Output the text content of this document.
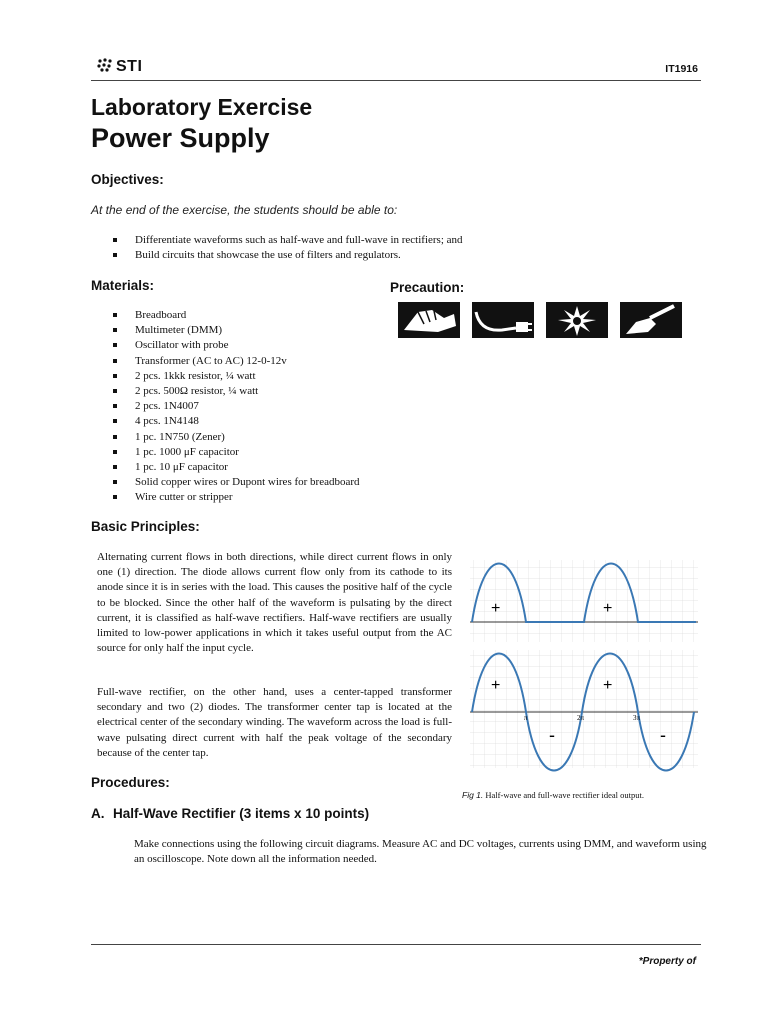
STI	IT1916
Laboratory Exercise
Power Supply
Objectives:
At the end of the exercise, the students should be able to:
Differentiate waveforms such as half-wave and full-wave in rectifiers; and
Build circuits that showcase the use of filters and regulators.
Materials:
Breadboard
Multimeter (DMM)
Oscillator with probe
Transformer (AC to AC) 12-0-12v
2 pcs. 1kkk resistor, ¼ watt
2 pcs. 500Ω resistor, ¼ watt
2 pcs. 1N4007
4 pcs. 1N4148
1 pc. 1N750 (Zener)
1 pc. 1000 μF capacitor
1 pc. 10 μF capacitor
Solid copper wires or Dupont wires for breadboard
Wire cutter or stripper
Precaution:
Basic Principles:
Alternating current flows in both directions, while direct current flows in only one (1) direction. The diode allows current flow only from its cathode to its anode since it is in series with the load. This causes the positive half of the cycle to be blocked. Since the other half of the waveform is pulsating by the direct current, it is classified as half-wave rectifiers. Half-wave rectifiers are usually limited to low-power applications in which it takes useful output from the AC source for only half the input cycle.
Full-wave rectifier, on the other hand, uses a center-tapped transformer secondary and two (2) diodes. The transformer center tap is located at the electrical center of the secondary winding. The waveform across the load is full-wave pulsating direct current with half the peak voltage of the secondary because of the center tap.
+	+
+	+
-	-
π	2π	3π
Fig 1. Half-wave and full-wave rectifier ideal output.
Procedures:
A. Half-Wave Rectifier (3 items x 10 points)
Make connections using the following circuit diagrams. Measure AC and DC voltages, currents using DMM, and waveform using an oscilloscope. Note down all the information needed.
*Property of
